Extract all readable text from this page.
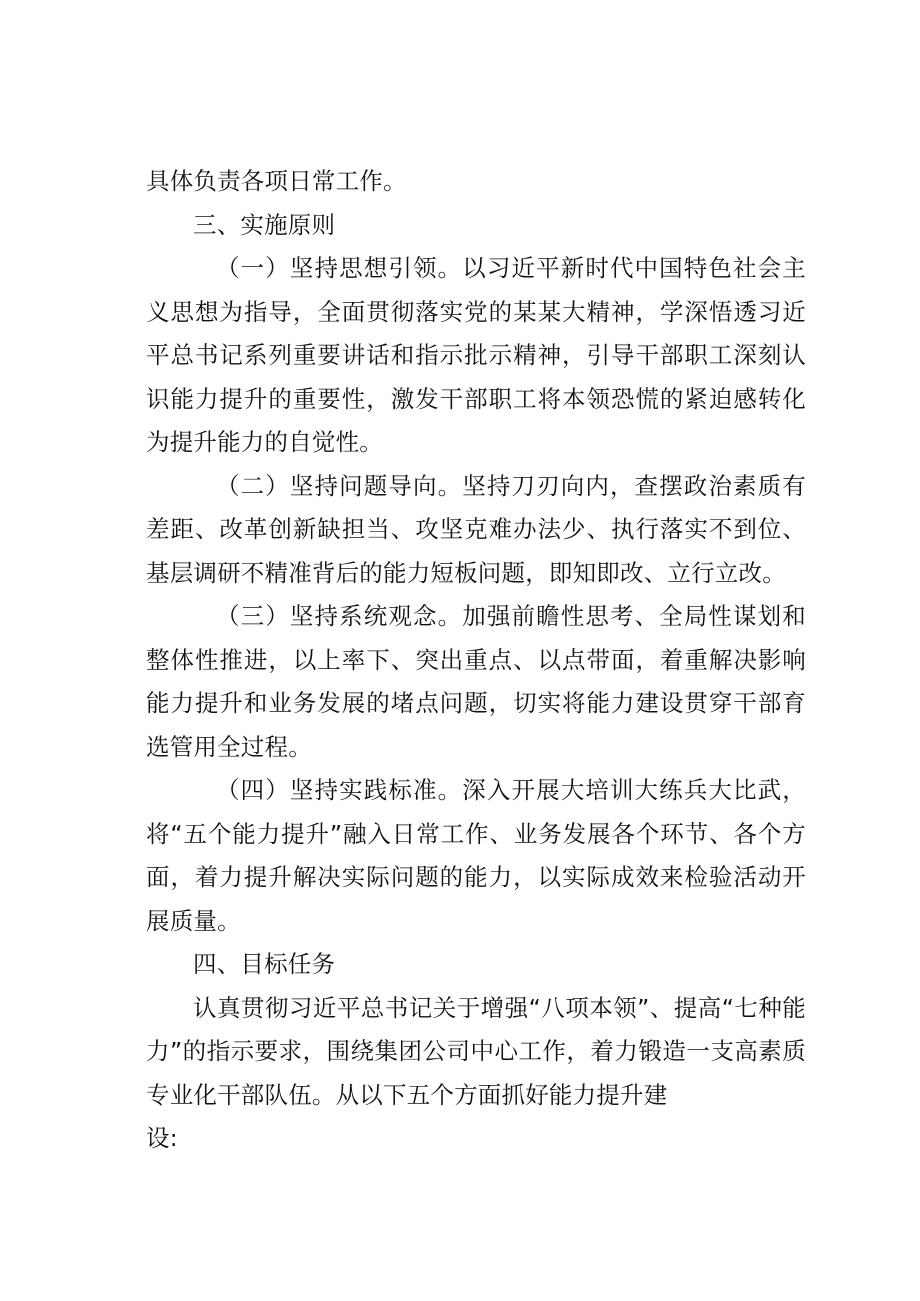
具体负责各项日常工作。

三、实施原则

（一）坚持思想引领。以习近平新时代中国特色社会主义思想为指导，全面贯彻落实党的某某大精神，学深悟透习近平总书记系列重要讲话和指示批示精神，引导干部职工深刻认识能力提升的重要性，激发干部职工将本领恐慌的紧迫感转化为提升能力的自觉性。

（二）坚持问题导向。坚持刀刃向内，查摆政治素质有差距、改革创新缺担当、攻坚克难办法少、执行落实不到位、基层调研不精准背后的能力短板问题，即知即改、立行立改。

（三）坚持系统观念。加强前瞻性思考、全局性谋划和整体性推进，以上率下、突出重点、以点带面，着重解决影响能力提升和业务发展的堵点问题，切实将能力建设贯穿干部育选管用全过程。

（四）坚持实践标准。深入开展大培训大练兵大比武，将“五个能力提升”融入日常工作、业务发展各个环节、各个方面，着力提升解决实际问题的能力，以实际成效来检验活动开展质量。

四、目标任务

认真贯彻习近平总书记关于增强“八项本领”、提高“七种能力”的指示要求，围绕集团公司中心工作，着力锻造一支高素质专业化干部队伍。从以下五个方面抓好能力提升建

设:
